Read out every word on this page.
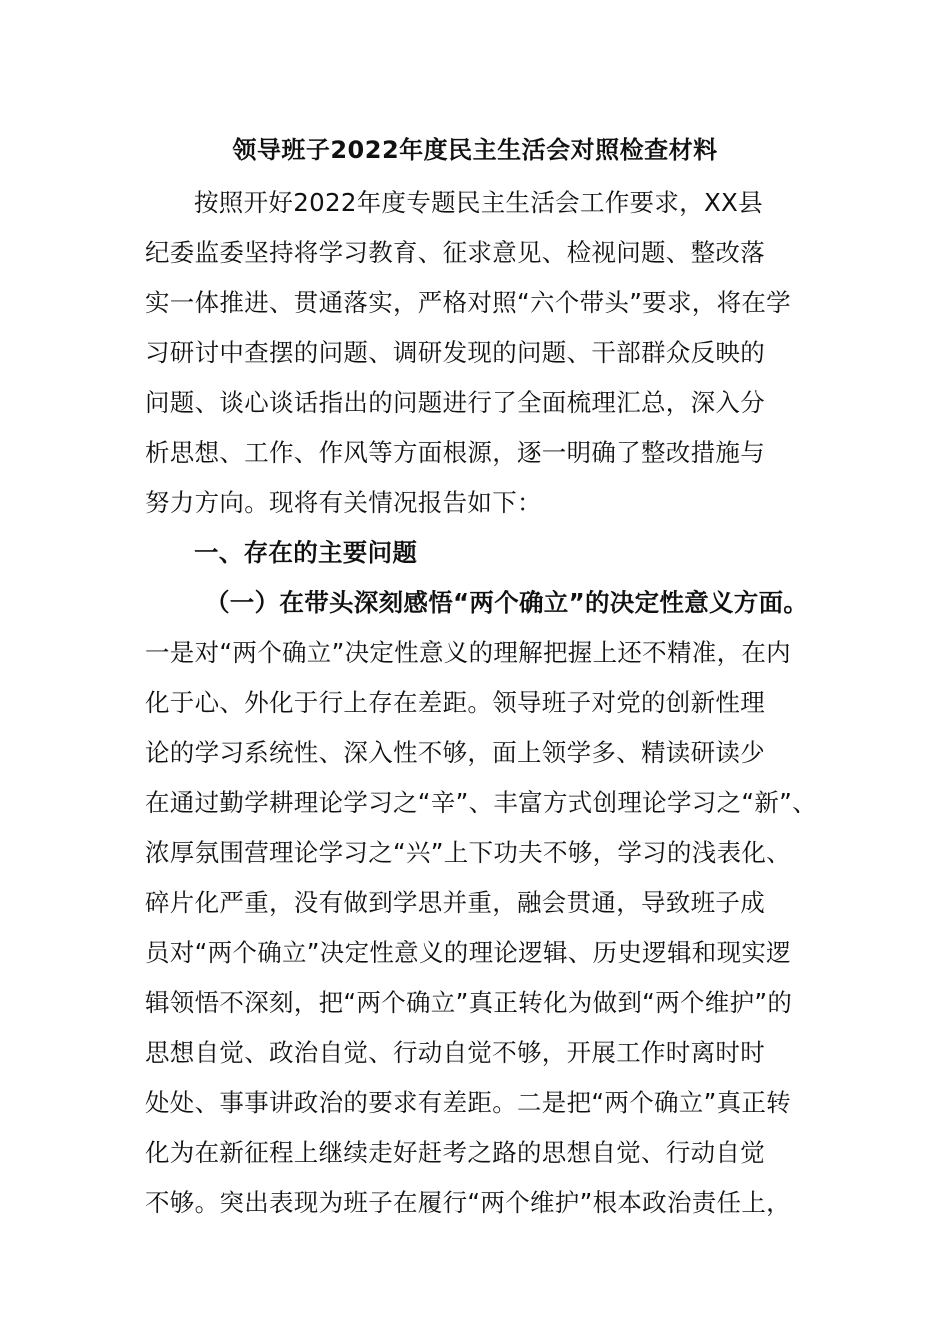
领导班子2022年度民主生活会对照检查材料
按照开好2022年度专题民主生活会工作要求，XX县
纪委监委坚持将学习教育、征求意见、检视问题、整改落
实一体推进、贯通落实，严格对照“六个带头”要求，将在学
习研讨中查摆的问题、调研发现的问题、干部群众反映的
问题、谈心谈话指出的问题进行了全面梳理汇总，深入分
析思想、工作、作风等方面根源，逐一明确了整改措施与
努力方向。现将有关情况报告如下：
一、存在的主要问题
（一）在带头深刻感悟“两个确立”的决定性意义方面。
一是对“两个确立”决定性意义的理解把握上还不精准，在内
化于心、外化于行上存在差距。领导班子对党的创新性理
论的学习系统性、深入性不够，面上领学多、精读研读少
在通过勤学耕理论学习之“辛”、丰富方式创理论学习之“新”、
浓厚氛围营理论学习之“兴”上下功夫不够，学习的浅表化、
碎片化严重，没有做到学思并重，融会贯通，导致班子成
员对“两个确立”决定性意义的理论逻辑、历史逻辑和现实逻
辑领悟不深刻，把“两个确立”真正转化为做到“两个维护”的
思想自觉、政治自觉、行动自觉不够，开展工作时离时时
处处、事事讲政治的要求有差距。二是把“两个确立”真正转
化为在新征程上继续走好赶考之路的思想自觉、行动自觉
不够。突出表现为班子在履行“两个维护”根本政治责任上，
